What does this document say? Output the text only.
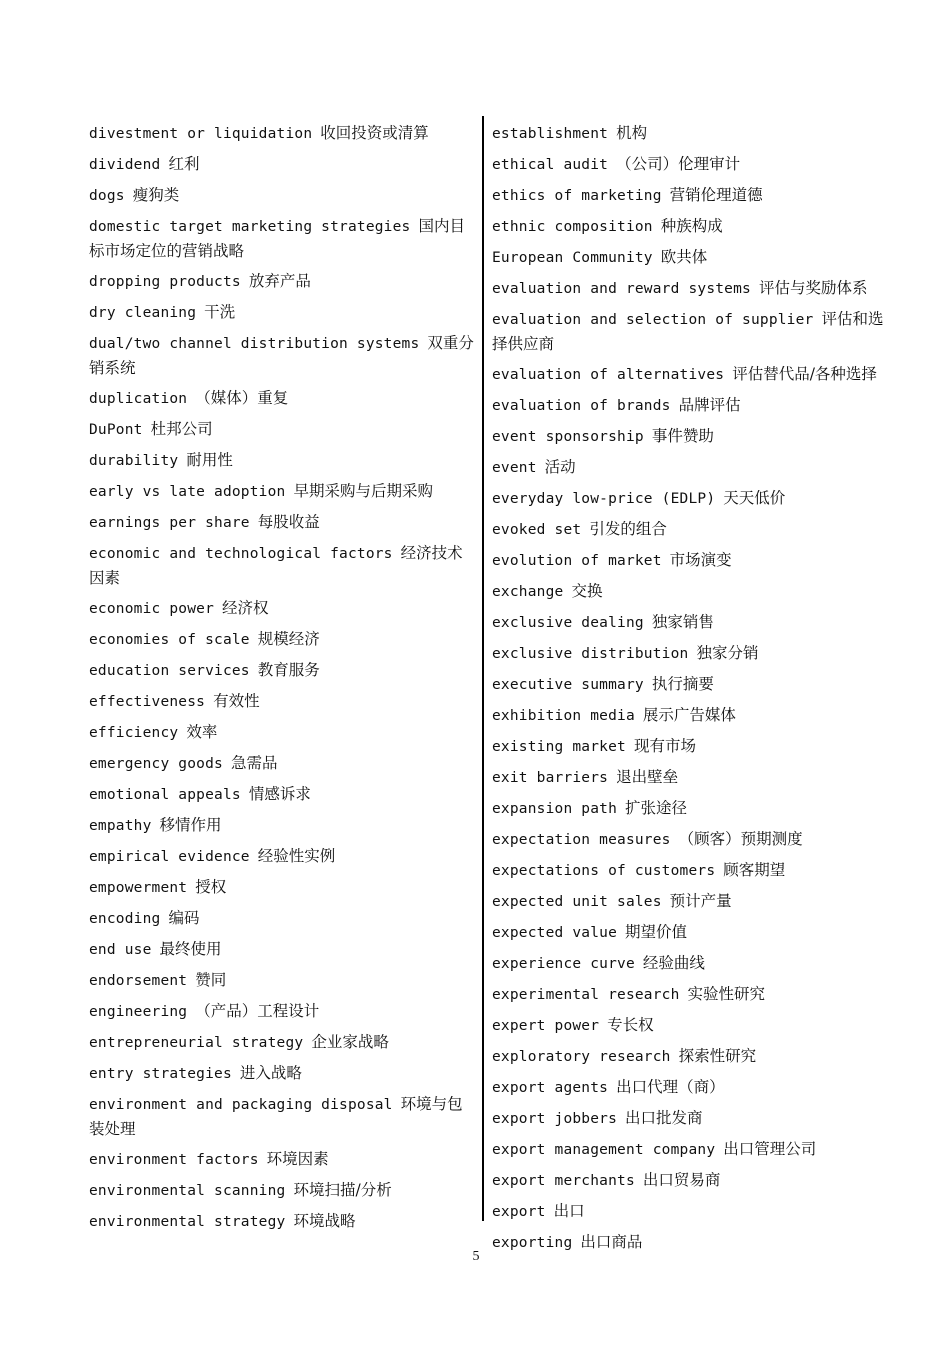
divestment or liquidation 收回投资或清算
dividend 红利
dogs 瘦狗类
domestic target marketing strategies 国内目标市场定位的营销战略
dropping products 放弃产品
dry cleaning 干洗
dual/two channel distribution systems 双重分销系统
duplication （媒体）重复
DuPont 杜邦公司
durability 耐用性
early vs late adoption 早期采购与后期采购
earnings per share 每股收益
economic and technological factors 经济技术因素
economic power 经济权
economies of scale 规模经济
education services 教育服务
effectiveness 有效性
efficiency 效率
emergency goods 急需品
emotional appeals 情感诉求
empathy 移情作用
empirical evidence 经验性实例
empowerment 授权
encoding 编码
end use 最终使用
endorsement 赞同
engineering （产品）工程设计
entrepreneurial strategy 企业家战略
entry strategies 进入战略
environment and packaging disposal 环境与包装处理
environment factors 环境因素
environmental scanning 环境扫描/分析
environmental strategy 环境战略
establishment 机构
ethical audit （公司）伦理审计
ethics of marketing 营销伦理道德
ethnic composition 种族构成
European Community 欧共体
evaluation and reward systems 评估与奖励体系
evaluation and selection of supplier 评估和选择供应商
evaluation of alternatives 评估替代品/各种选择
evaluation of brands 品牌评估
event sponsorship 事件赞助
event 活动
everyday low-price (EDLP) 天天低价
evoked set 引发的组合
evolution of market 市场演变
exchange 交换
exclusive dealing 独家销售
exclusive distribution 独家分销
executive summary 执行摘要
exhibition media 展示广告媒体
existing market 现有市场
exit barriers 退出壁垒
expansion path 扩张途径
expectation measures （顾客）预期测度
expectations of customers 顾客期望
expected unit sales 预计产量
expected value 期望价值
experience curve 经验曲线
experimental research 实验性研究
expert power 专长权
exploratory research 探索性研究
export agents 出口代理（商）
export jobbers 出口批发商
export management company 出口管理公司
export merchants 出口贸易商
export 出口
exporting 出口商品
5
